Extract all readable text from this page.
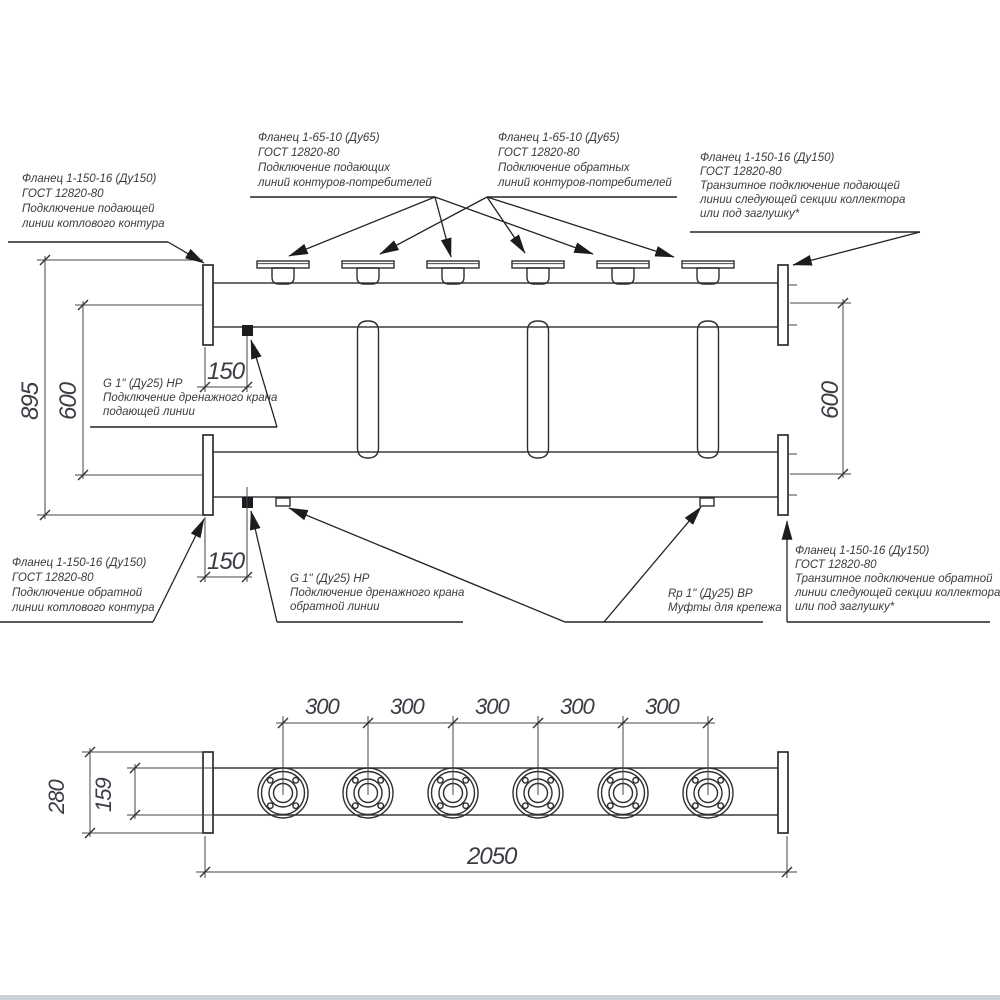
895 600	600
150
150
Фланец 1-150-16 (Ду150)
ГОСТ 12820-80
Подключение подающей
линии котлового контура
Фланец 1-65-10 (Ду65)
ГОСТ 12820-80
Подключение подающих
линий контуров-потребителей
Фланец 1-65-10 (Ду65)
ГОСТ 12820-80
Подключение обратных
линий контуров-потребителей
Фланец 1-150-16 (Ду150)
ГОСТ 12820-80
Транзитное подключение подающей
линии следующей секции коллектора
или под заглушку*
G 1" (Ду25) НР
Подключение дренажного крана
подающей линии
Фланец 1-150-16 (Ду150)
ГОСТ 12820-80
Подключение обратной
линии котлового контура
G 1" (Ду25) НР
Подключение дренажного крана
обратной линии
Rp 1" (Ду25) ВР
Муфты для крепежа
Фланец 1-150-16 (Ду150)
ГОСТ 12820-80
Транзитное подключение обратной
линии следующей секции коллектора
или под заглушку*
300 300 300 300 300
280 159
2050
